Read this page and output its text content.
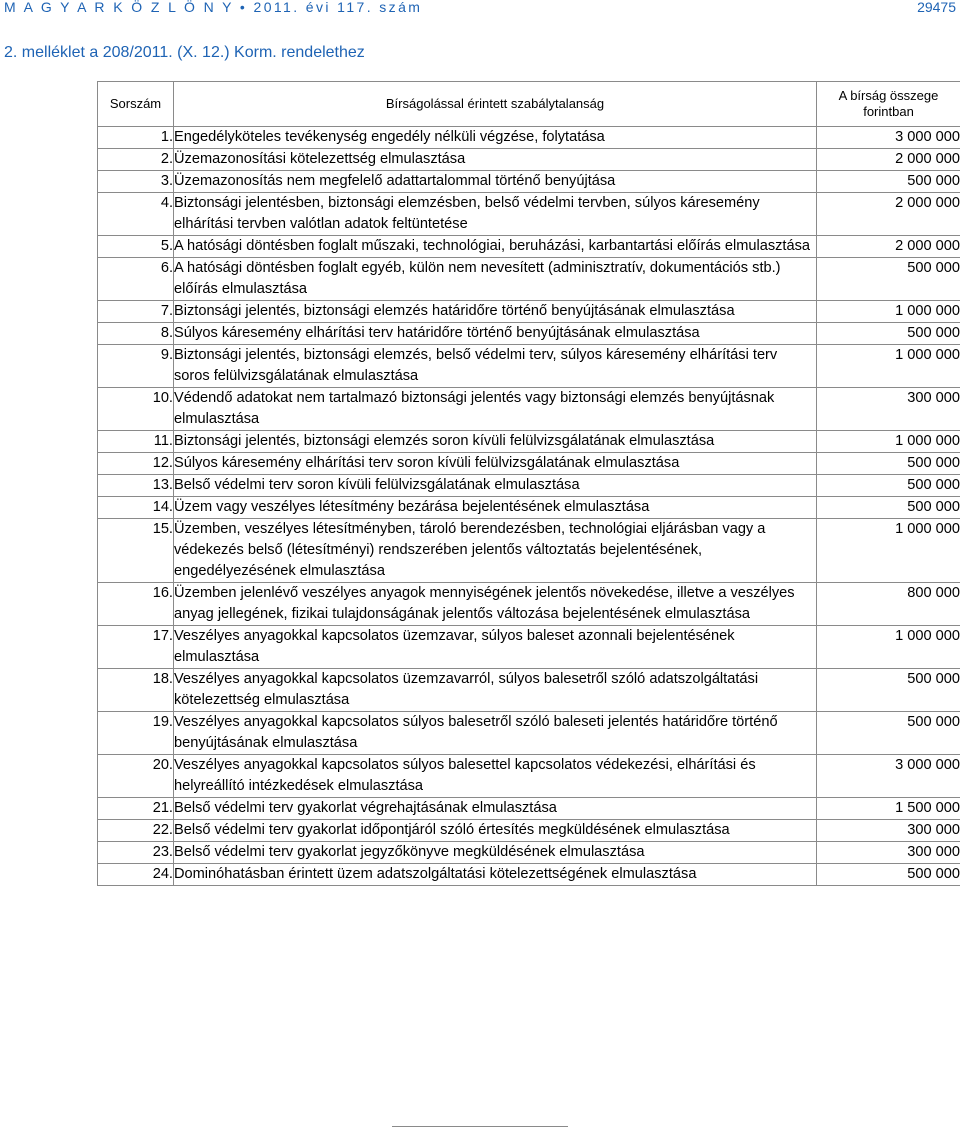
M A G Y A R K Ö Z L Ö N Y • 2011. évi 117. szám	29475
2. melléklet a 208/2011. (X. 12.) Korm. rendelethez
Sorszám	Bírságolással érintett szabálytalanság	A bírság összege forintban
1.	Engedélyköteles tevékenység engedély nélküli végzése, folytatása	3 000 000
2.	Üzemazonosítási kötelezettség elmulasztása	2 000 000
3.	Üzemazonosítás nem megfelelő adattartalommal történő benyújtása	500 000
4.	Biztonsági jelentésben, biztonsági elemzésben, belső védelmi tervben, súlyos káresemény elhárítási tervben valótlan adatok feltüntetése	2 000 000
5.	A hatósági döntésben foglalt műszaki, technológiai, beruházási, karbantartási előírás elmulasztása	2 000 000
6.	A hatósági döntésben foglalt egyéb, külön nem nevesített (adminisztratív, dokumentációs stb.) előírás elmulasztása	500 000
7.	Biztonsági jelentés, biztonsági elemzés határidőre történő benyújtásának elmulasztása	1 000 000
8.	Súlyos káresemény elhárítási terv határidőre történő benyújtásának elmulasztása	500 000
9.	Biztonsági jelentés, biztonsági elemzés, belső védelmi terv, súlyos káresemény elhárítási terv soros felülvizsgálatának elmulasztása	1 000 000
10.	Védendő adatokat nem tartalmazó biztonsági jelentés vagy biztonsági elemzés benyújtásnak elmulasztása	300 000
11.	Biztonsági jelentés, biztonsági elemzés soron kívüli felülvizsgálatának elmulasztása	1 000 000
12.	Súlyos káresemény elhárítási terv soron kívüli felülvizsgálatának elmulasztása	500 000
13.	Belső védelmi terv soron kívüli felülvizsgálatának elmulasztása	500 000
14.	Üzem vagy veszélyes létesítmény bezárása bejelentésének elmulasztása	500 000
15.	Üzemben, veszélyes létesítményben, tároló berendezésben, technológiai eljárásban vagy a védekezés belső (létesítményi) rendszerében jelentős változtatás bejelentésének, engedélyezésének elmulasztása	1 000 000
16.	Üzemben jelenlévő veszélyes anyagok mennyiségének jelentős növekedése, illetve a veszélyes anyag jellegének, fizikai tulajdonságának jelentős változása bejelentésének elmulasztása	800 000
17.	Veszélyes anyagokkal kapcsolatos üzemzavar, súlyos baleset azonnali bejelentésének elmulasztása	1 000 000
18.	Veszélyes anyagokkal kapcsolatos üzemzavarról, súlyos balesetről szóló adatszolgáltatási kötelezettség elmulasztása	500 000
19.	Veszélyes anyagokkal kapcsolatos súlyos balesetről szóló baleseti jelentés határidőre történő benyújtásának elmulasztása	500 000
20.	Veszélyes anyagokkal kapcsolatos súlyos balesettel kapcsolatos védekezési, elhárítási és helyreállító intézkedések elmulasztása	3 000 000
21.	Belső védelmi terv gyakorlat végrehajtásának elmulasztása	1 500 000
22.	Belső védelmi terv gyakorlat időpontjáról szóló értesítés megküldésének elmulasztása	300 000
23.	Belső védelmi terv gyakorlat jegyzőkönyve megküldésének elmulasztása	300 000
24.	Dominóhatásban érintett üzem adatszolgáltatási kötelezettségének elmulasztása	500 000
